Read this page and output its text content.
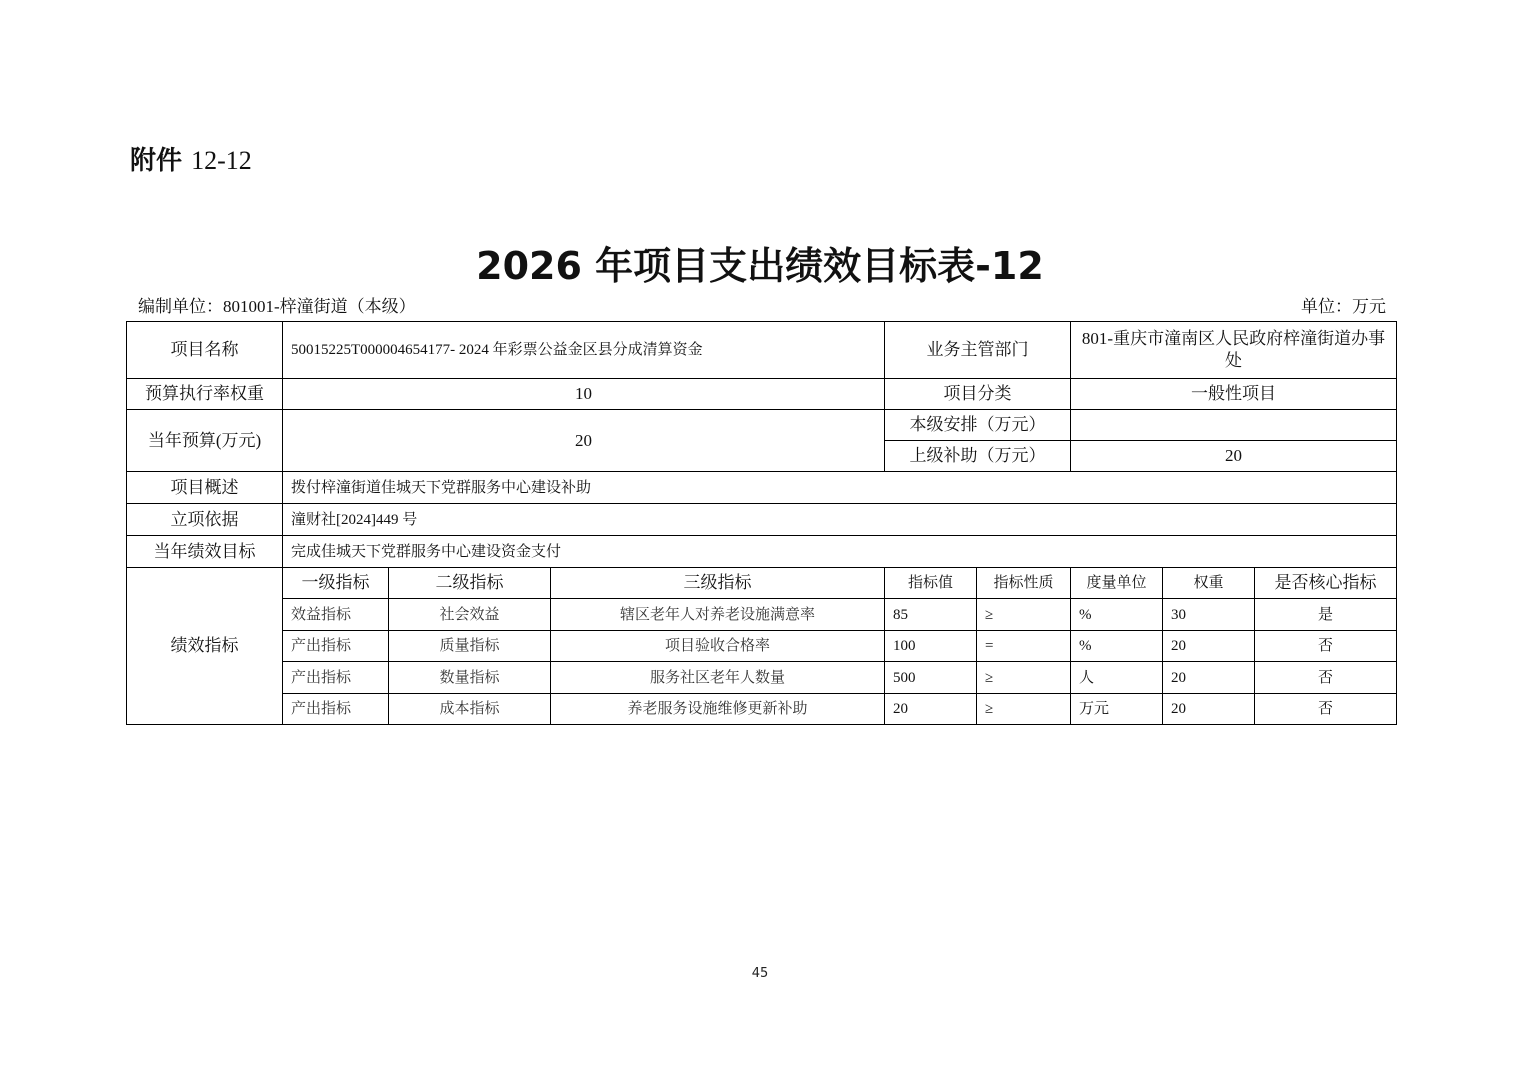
附件 12-12
2026 年项目支出绩效目标表-12
编制单位：801001-梓潼街道（本级）	单位：万元
项目名称	50015225T000004654177- 2024 年彩票公益金区县分成清算资金			业务主管部门		801-重庆市潼南区人民政府梓潼街道办事处		
预算执行率权重	10			项目分类		一般性项目		
当年预算(万元)	20			本级安排（万元）				
				上级补助（万元）		20		
项目概述	拨付梓潼街道佳城天下党群服务中心建设补助							
立项依据	潼财社[2024]449 号							
当年绩效目标	完成佳城天下党群服务中心建设资金支付							
绩效指标	一级指标	二级指标	三级指标	指标值	指标性质	度量单位	权重	是否核心指标
	效益指标	社会效益	辖区老年人对养老设施满意率	85	≥	%	30	是
	产出指标	质量指标	项目验收合格率	100	=	%	20	否
	产出指标	数量指标	服务社区老年人数量	500	≥	人	20	否
	产出指标	成本指标	养老服务设施维修更新补助	20	≥	万元	20	否
45
